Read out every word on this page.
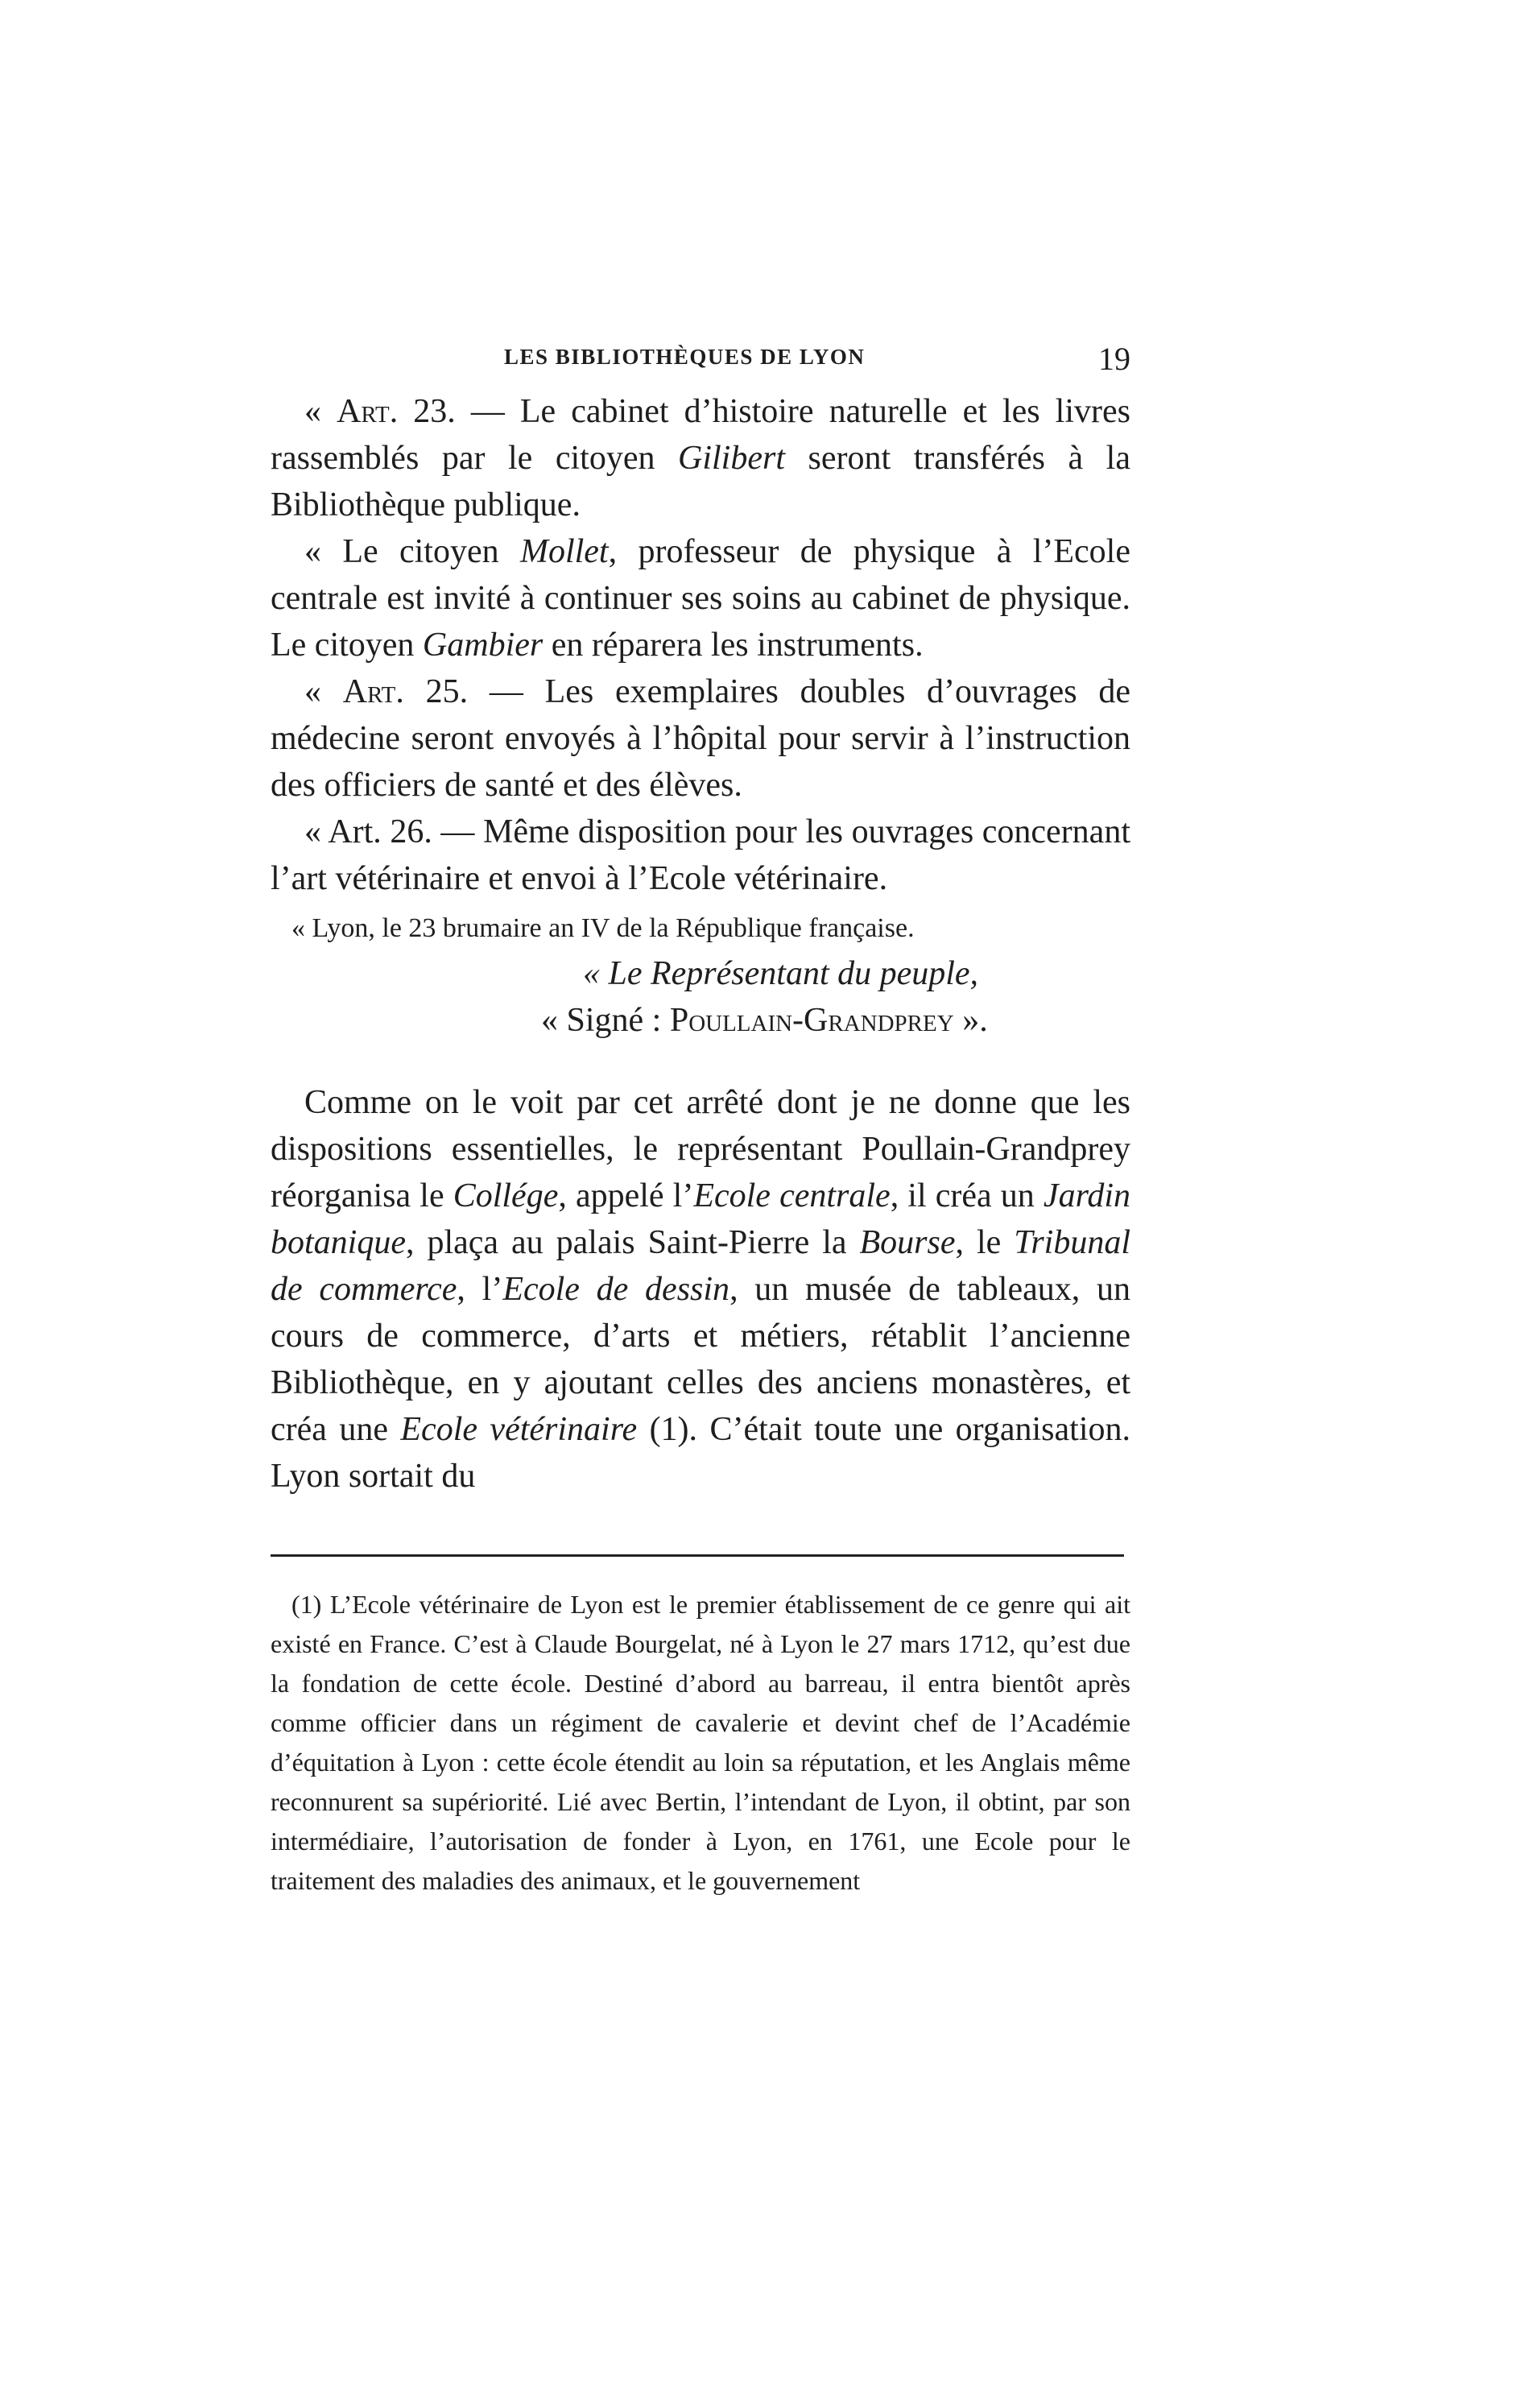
LES BIBLIOTHÈQUES DE LYON	19

« Art. 23. — Le cabinet d’histoire naturelle et les livres rassemblés par le citoyen Gilibert seront transférés à la Bibliothèque publique.

« Le citoyen Mollet, professeur de physique à l’Ecole centrale est invité à continuer ses soins au cabinet de physique. Le citoyen Gambier en réparera les instruments.

« Art. 25. — Les exemplaires doubles d’ouvrages de médecine seront envoyés à l’hôpital pour servir à l’instruction des officiers de santé et des élèves.

« Art. 26. — Même disposition pour les ouvrages concernant l’art vétérinaire et envoi à l’Ecole vétérinaire.

« Lyon, le 23 brumaire an IV de la République française.

« Le Représentant du peuple,

« Signé : Poullain-Grandprey ».

Comme on le voit par cet arrêté dont je ne donne que les dispositions essentielles, le représentant Poullain-Grandprey réorganisa le Collége, appelé l’Ecole centrale, il créa un Jardin botanique, plaça au palais Saint-Pierre la Bourse, le Tribunal de commerce, l’Ecole de dessin, un musée de tableaux, un cours de commerce, d’arts et métiers, rétablit l’ancienne Bibliothèque, en y ajoutant celles des anciens monastères, et créa une Ecole vétérinaire (1). C’était toute une organisation. Lyon sortait du

(1) L’Ecole vétérinaire de Lyon est le premier établissement de ce genre qui ait existé en France. C’est à Claude Bourgelat, né à Lyon le 27 mars 1712, qu’est due la fondation de cette école. Destiné d’abord au barreau, il entra bientôt après comme officier dans un régiment de cavalerie et devint chef de l’Académie d’équitation à Lyon : cette école étendit au loin sa réputation, et les Anglais même reconnurent sa supériorité. Lié avec Bertin, l’intendant de Lyon, il obtint, par son intermédiaire, l’autorisation de fonder à Lyon, en 1761, une Ecole pour le traitement des maladies des animaux, et le gouvernement
